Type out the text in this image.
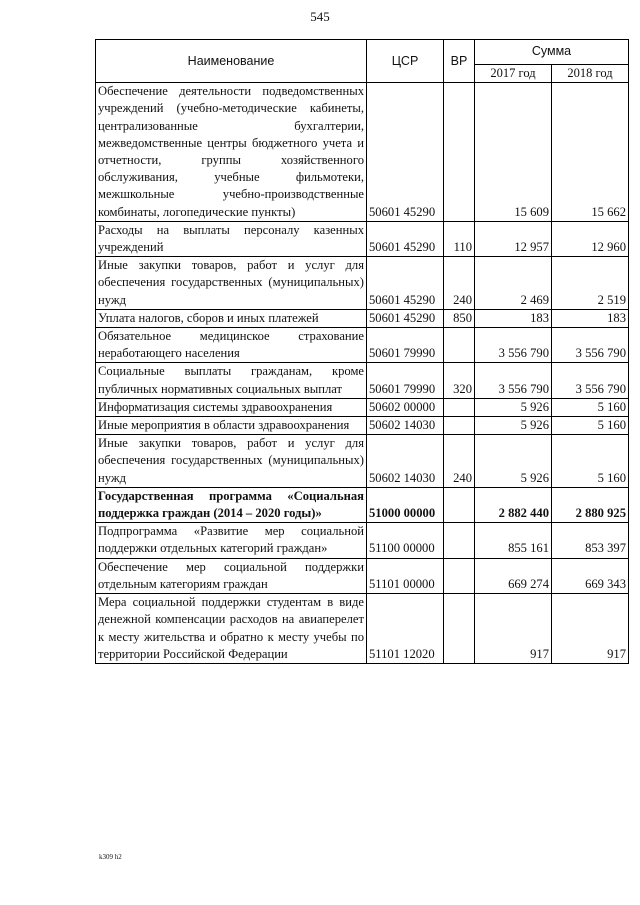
545
Наименование	ЦСР	ВР	Сумма	
			2017 год	2018 год
Обеспечение деятельности подведомственных учреждений (учебно-методические кабинеты, централизованные бухгалтерии, межведомственные центры бюджетного учета и отчетности, группы хозяйственного обслуживания, учебные фильмотеки, межшкольные учебно-производственные комбинаты, логопедические пункты)	50601 45290		15 609	15 662
Расходы на выплаты персоналу казенных учреждений	50601 45290	110	12 957	12 960
Иные закупки товаров, работ и услуг для обеспечения государственных (муниципальных) нужд	50601 45290	240	2 469	2 519
Уплата налогов, сборов и иных платежей	50601 45290	850	183	183
Обязательное медицинское страхование неработающего населения	50601 79990		3 556 790	3 556 790
Социальные выплаты гражданам, кроме публичных нормативных социальных выплат	50601 79990	320	3 556 790	3 556 790
Информатизация системы здравоохранения	50602 00000		5 926	5 160
Иные мероприятия в области здравоохранения	50602 14030		5 926	5 160
Иные закупки товаров, работ и услуг для обеспечения государственных (муниципальных) нужд	50602 14030	240	5 926	5 160
Государственная программа «Социальная поддержка граждан (2014 – 2020 годы)»	51000 00000		2 882 440	2 880 925
Подпрограмма «Развитие мер социальной поддержки отдельных категорий граждан»	51100 00000		855 161	853 397
Обеспечение мер социальной поддержки отдельным категориям граждан	51101 00000		669 274	669 343
Мера социальной поддержки студентам в виде денежной компенсации расходов на авиаперелет к месту жительства и обратно к месту учебы по территории Российской Федерации	51101 12020		917	917
k309 h2
